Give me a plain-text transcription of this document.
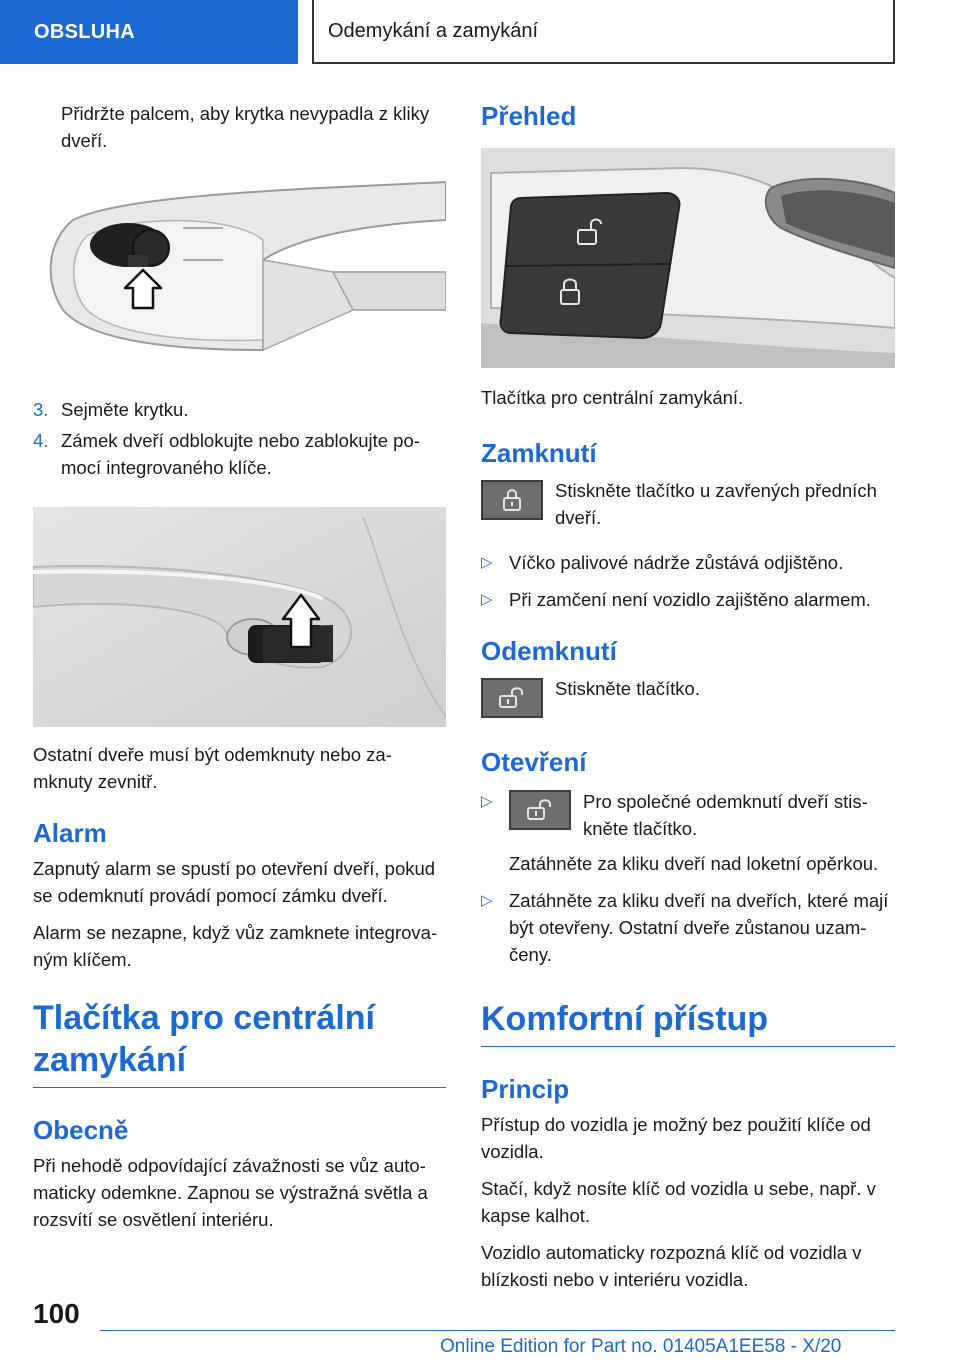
OBSLUHA	Odemykání a zamykání

Přidržte palcem, aby krytka nevypadla z kliky dveří.

3. Sejměte krytku.
4. Zámek dveří odblokujte nebo zablokujte po-mocí integrovaného klíče.

Ostatní dveře musí být odemknuty nebo za-mknuty zevnitř.

Alarm

Zapnutý alarm se spustí po otevření dveří, pokud se odemknutí provádí pomocí zámku dveří.

Alarm se nezapne, když vůz zamknete integrova-ným klíčem.

Tlačítka pro centrální zamykání
Obecně

Při nehodě odpovídající závažnosti se vůz auto-maticky odemkne. Zapnou se výstražná světla a rozsvítí se osvětlení interiéru.

Přehled

Tlačítka pro centrální zamykání.

Zamknutí

Stiskněte tlačítko u zavřených předních dveří.

▷ Víčko palivové nádrže zůstává odjištěno.
▷ Při zamčení není vozidlo zajištěno alarmem.
Odemknutí

Stiskněte tlačítko.

Otevření
▷	Pro společné odemknutí dveří stis-kněte tlačítko.

Zatáhněte za kliku dveří nad loketní opěrkou.

▷ Zatáhněte za kliku dveří na dveřích, které mají být otevřeny. Ostatní dveře zůstanou uzam-čeny.
Komfortní přístup
Princip

Přístup do vozidla je možný bez použití klíče od vozidla.

Stačí, když nosíte klíč od vozidla u sebe, např. v kapse kalhot.

Vozidlo automaticky rozpozná klíč od vozidla v blízkosti nebo v interiéru vozidla.

100
Online Edition for Part no. 01405A1EE58 - X/20
